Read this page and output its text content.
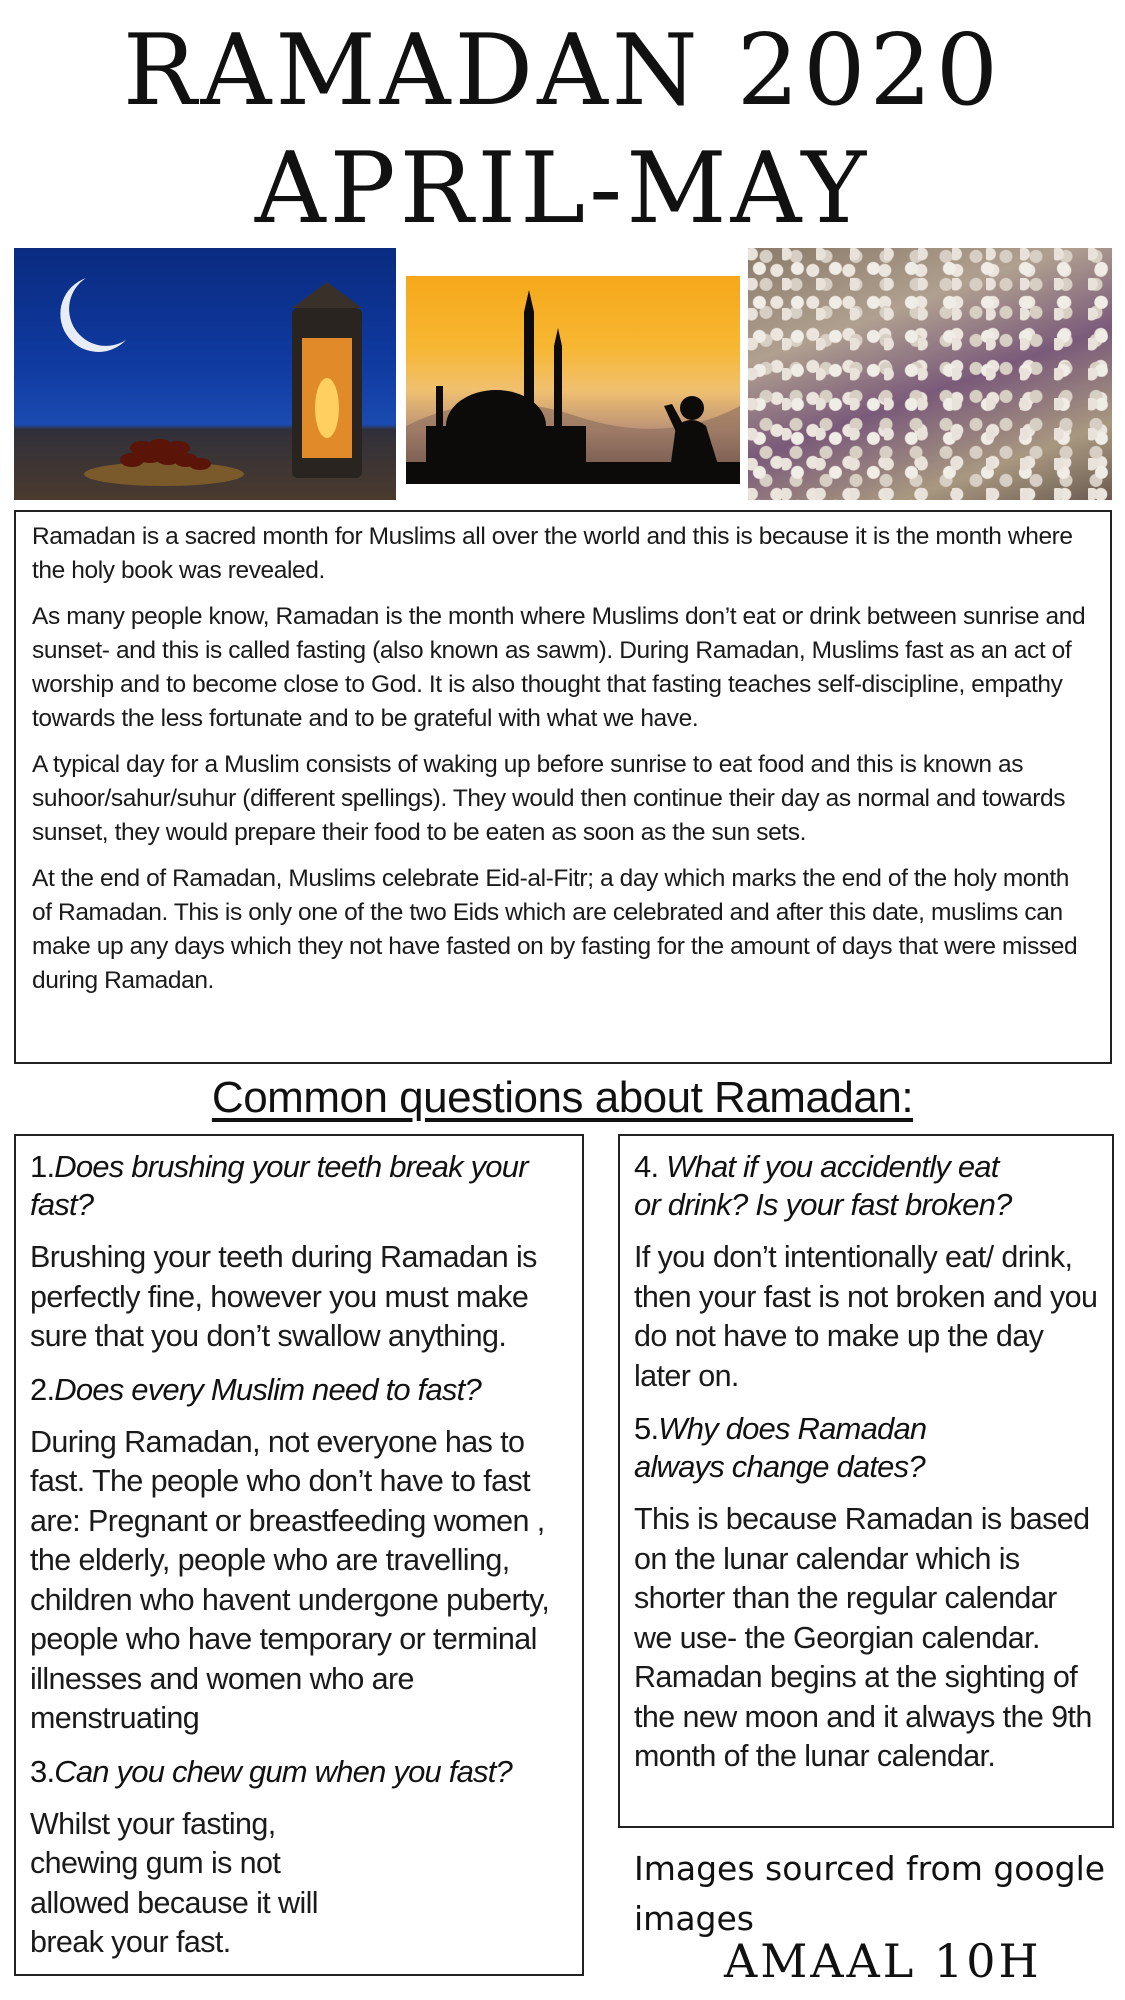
RAMADAN 2020
APRIL-MAY

Ramadan is a sacred month for Muslims all over the world and this is because it is the month where the holy book was revealed.

As many people know, Ramadan is the month where Muslims don’t eat or drink between sunrise and sunset- and this is called fasting (also known as sawm). During Ramadan, Muslims fast as an act of worship and to become close to God. It is also thought that fasting teaches self-discipline, empathy towards the less fortunate and to be grateful with what we have.

A typical day for a Muslim consists of waking up before sunrise to eat food and this is known as suhoor/sahur/suhur (different spellings). They would then continue their day as normal and towards sunset, they would prepare their food to be eaten as soon as the sun sets.

At the end of Ramadan, Muslims celebrate Eid-al-Fitr; a day which marks the end of the holy month of Ramadan. This is only one of the two Eids which are celebrated and after this date, muslims can make up any days which they not have fasted on by fasting for the amount of days that were missed during Ramadan.

Common questions about Ramadan:

1.Does brushing your teeth break your fast?

Brushing your teeth during Ramadan is perfectly fine, however you must make sure that you don’t swallow anything.

2.Does every Muslim need to fast?

During Ramadan, not everyone has to fast. The people who don’t have to fast are: Pregnant or breastfeeding women , the elderly, people who are travelling, children who havent undergone puberty, people who have temporary or terminal illnesses and women who are menstruating

3.Can you chew gum when you fast?

Whilst your fasting, chewing gum is not allowed because it will break your fast.

4. What if you accidently eat or drink? Is your fast broken?

If you don’t intentionally eat/ drink, then your fast is not broken and you do not have to make up the day later on.

5.Why does Ramadan always change dates?

This is because Ramadan is based on the lunar calendar which is shorter than the regular calendar we use- the Georgian calendar. Ramadan begins at the sighting of the new moon and it always the 9th month of the lunar calendar.

Images sourced from google images
AMAAL 10H
